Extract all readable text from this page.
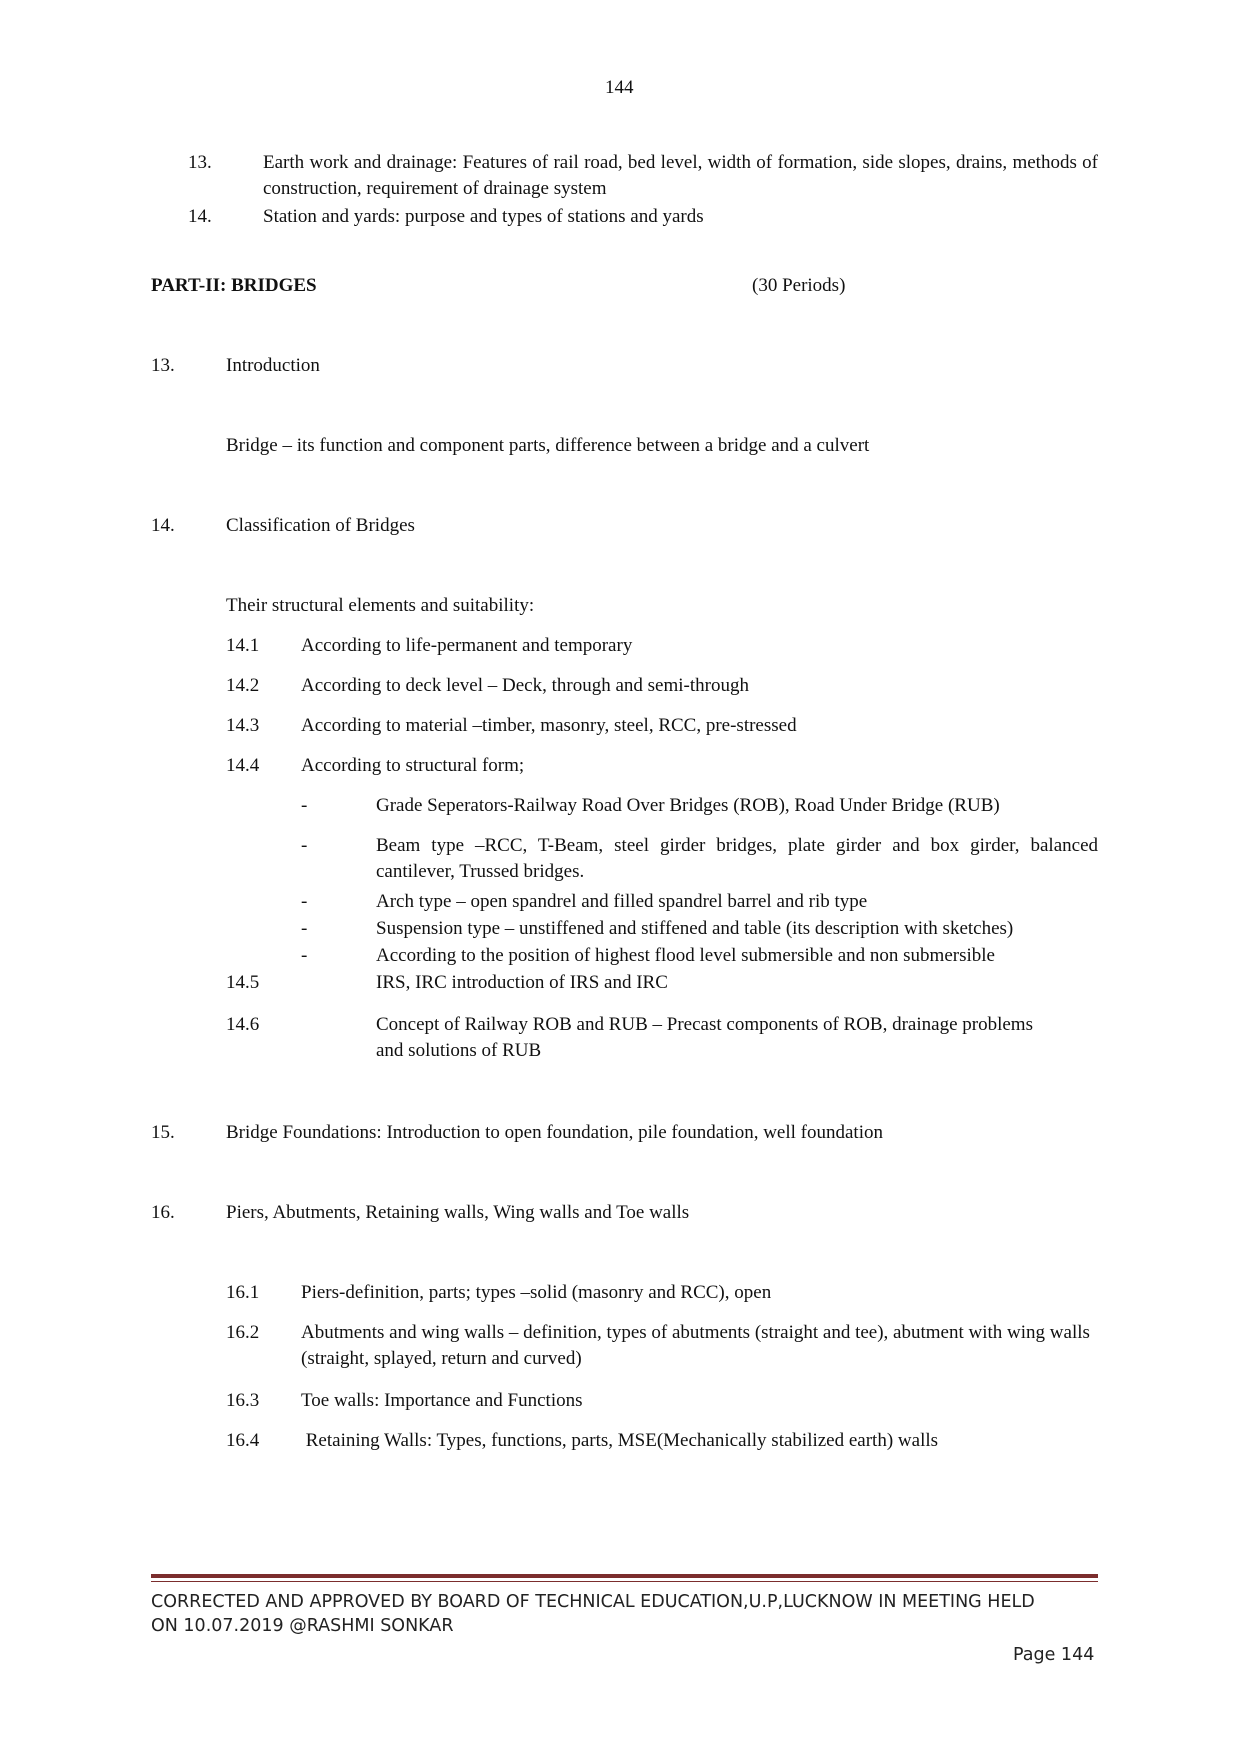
144
13.	Earth work and drainage: Features of rail road, bed level, width of formation, side slopes, drains, methods of construction, requirement of drainage system
14.	Station and yards: purpose and types of stations and yards
PART-II: BRIDGES	(30 Periods)
13.	Introduction
Bridge – its function and component parts, difference between a bridge and a culvert
14.	Classification of Bridges
Their structural elements and suitability:
14.1 According to life-permanent and temporary
14.2 According to deck level – Deck, through and semi-through
14.3 According to material –timber, masonry, steel, RCC, pre-stressed
14.4 According to structural form;
-	Grade Seperators-Railway Road Over Bridges (ROB), Road Under Bridge (RUB)
-	Beam type –RCC, T-Beam, steel girder bridges, plate girder and box girder, balanced cantilever, Trussed bridges.
-	Arch type – open spandrel and filled spandrel barrel and rib type
-	Suspension type – unstiffened and stiffened and table (its description with sketches)
-	According to the position of highest flood level submersible and non submersible
14.5	IRS, IRC introduction of IRS and IRC
14.6	Concept of Railway ROB and RUB – Precast components of ROB, drainage problems and solutions of RUB
15.	Bridge Foundations: Introduction to open foundation, pile foundation, well foundation
16.	Piers, Abutments, Retaining walls, Wing walls and Toe walls
16.1 Piers-definition, parts; types –solid (masonry and RCC), open
16.2 Abutments and wing walls – definition, types of abutments (straight and tee), abutment with wing walls (straight, splayed, return and curved)
16.3 Toe walls: Importance and Functions
16.4 Retaining Walls: Types, functions, parts, MSE(Mechanically stabilized earth) walls
CORRECTED AND APPROVED BY BOARD OF TECHNICAL EDUCATION,U.P,LUCKNOW IN MEETING HELD
ON 10.07.2019 @RASHMI SONKAR
Page 144
